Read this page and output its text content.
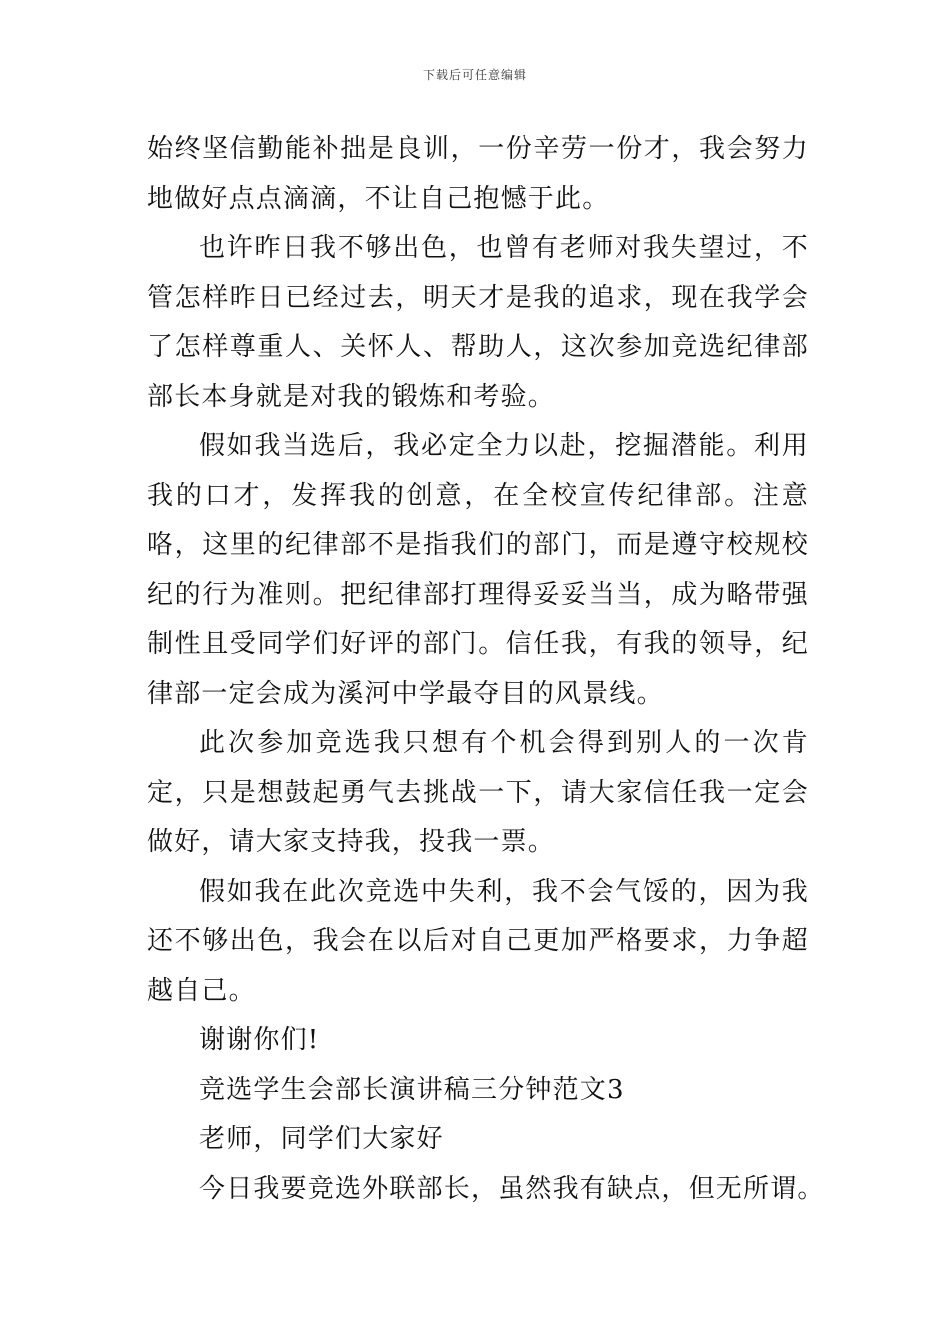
下载后可任意编辑

始终坚信勤能补拙是良训，一份辛劳一份才，我会努力地做好点点滴滴，不让自己抱憾于此。

也许昨日我不够出色，也曾有老师对我失望过，不管怎样昨日已经过去，明天才是我的追求，现在我学会了怎样尊重人、关怀人、帮助人，这次参加竞选纪律部部长本身就是对我的锻炼和考验。

假如我当选后，我必定全力以赴，挖掘潜能。利用我的口才，发挥我的创意，在全校宣传纪律部。注意咯，这里的纪律部不是指我们的部门，而是遵守校规校纪的行为准则。把纪律部打理得妥妥当当，成为略带强制性且受同学们好评的部门。信任我，有我的领导，纪律部一定会成为溪河中学最夺目的风景线。

此次参加竞选我只想有个机会得到别人的一次肯定，只是想鼓起勇气去挑战一下，请大家信任我一定会做好，请大家支持我，投我一票。

假如我在此次竞选中失利，我不会气馁的，因为我还不够出色，我会在以后对自己更加严格要求，力争超越自己。

谢谢你们!

竞选学生会部长演讲稿三分钟范文3

老师，同学们大家好

今日我要竞选外联部长，虽然我有缺点，但无所谓。
